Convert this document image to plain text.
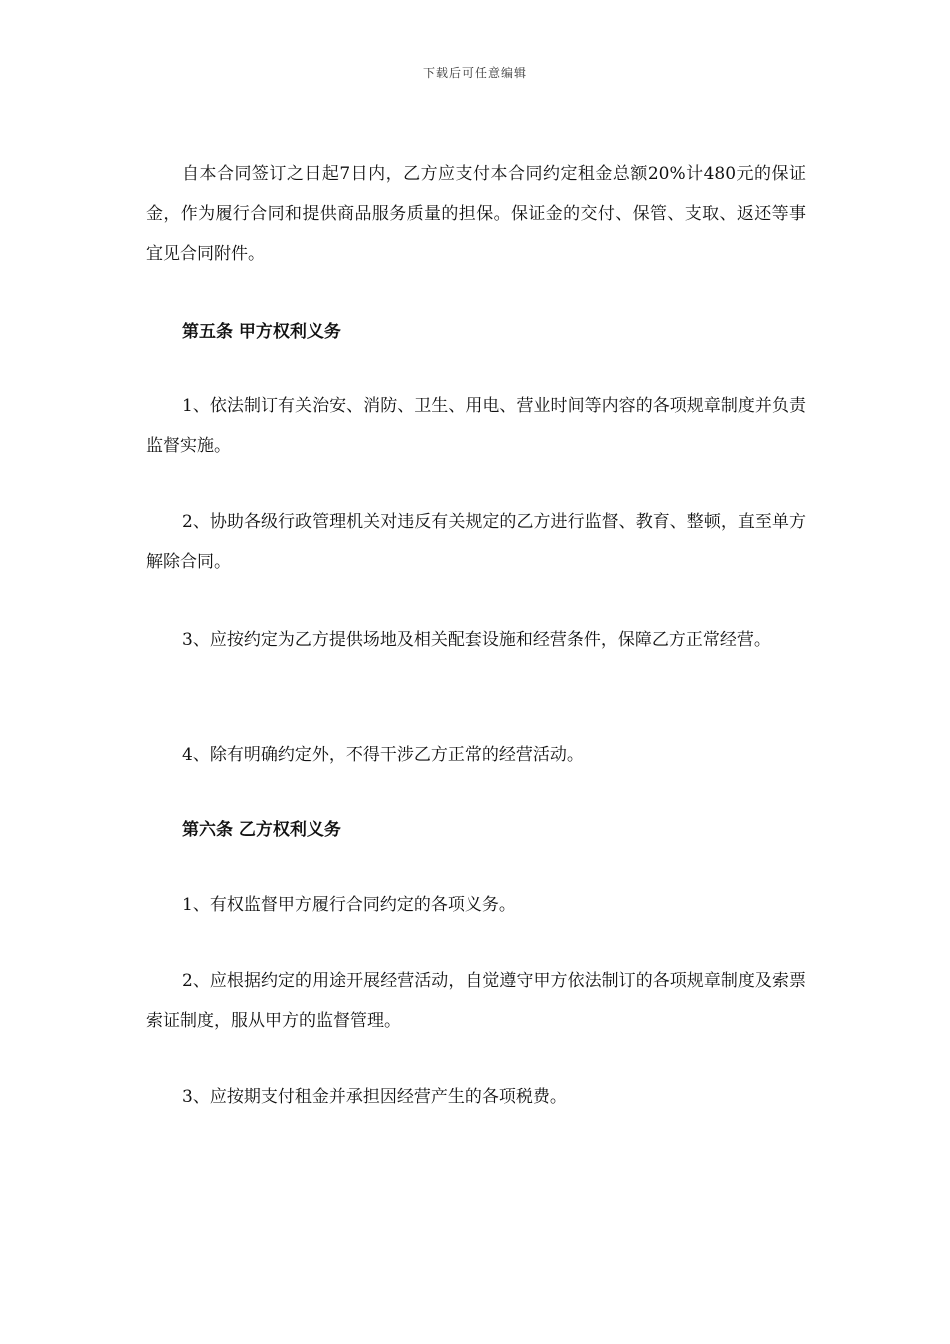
下载后可任意编辑

自本合同签订之日起7日内，乙方应支付本合同约定租金总额20%计480元的保证金，作为履行合同和提供商品服务质量的担保。保证金的交付、保管、支取、返还等事宜见合同附件。

第五条 甲方权利义务

1、依法制订有关治安、消防、卫生、用电、营业时间等内容的各项规章制度并负责监督实施。

2、协助各级行政管理机关对违反有关规定的乙方进行监督、教育、整顿，直至单方解除合同。

3、应按约定为乙方提供场地及相关配套设施和经营条件，保障乙方正常经营。

4、除有明确约定外，不得干涉乙方正常的经营活动。

第六条 乙方权利义务

1、有权监督甲方履行合同约定的各项义务。

2、应根据约定的用途开展经营活动，自觉遵守甲方依法制订的各项规章制度及索票索证制度，服从甲方的监督管理。

3、应按期支付租金并承担因经营产生的各项税费。
